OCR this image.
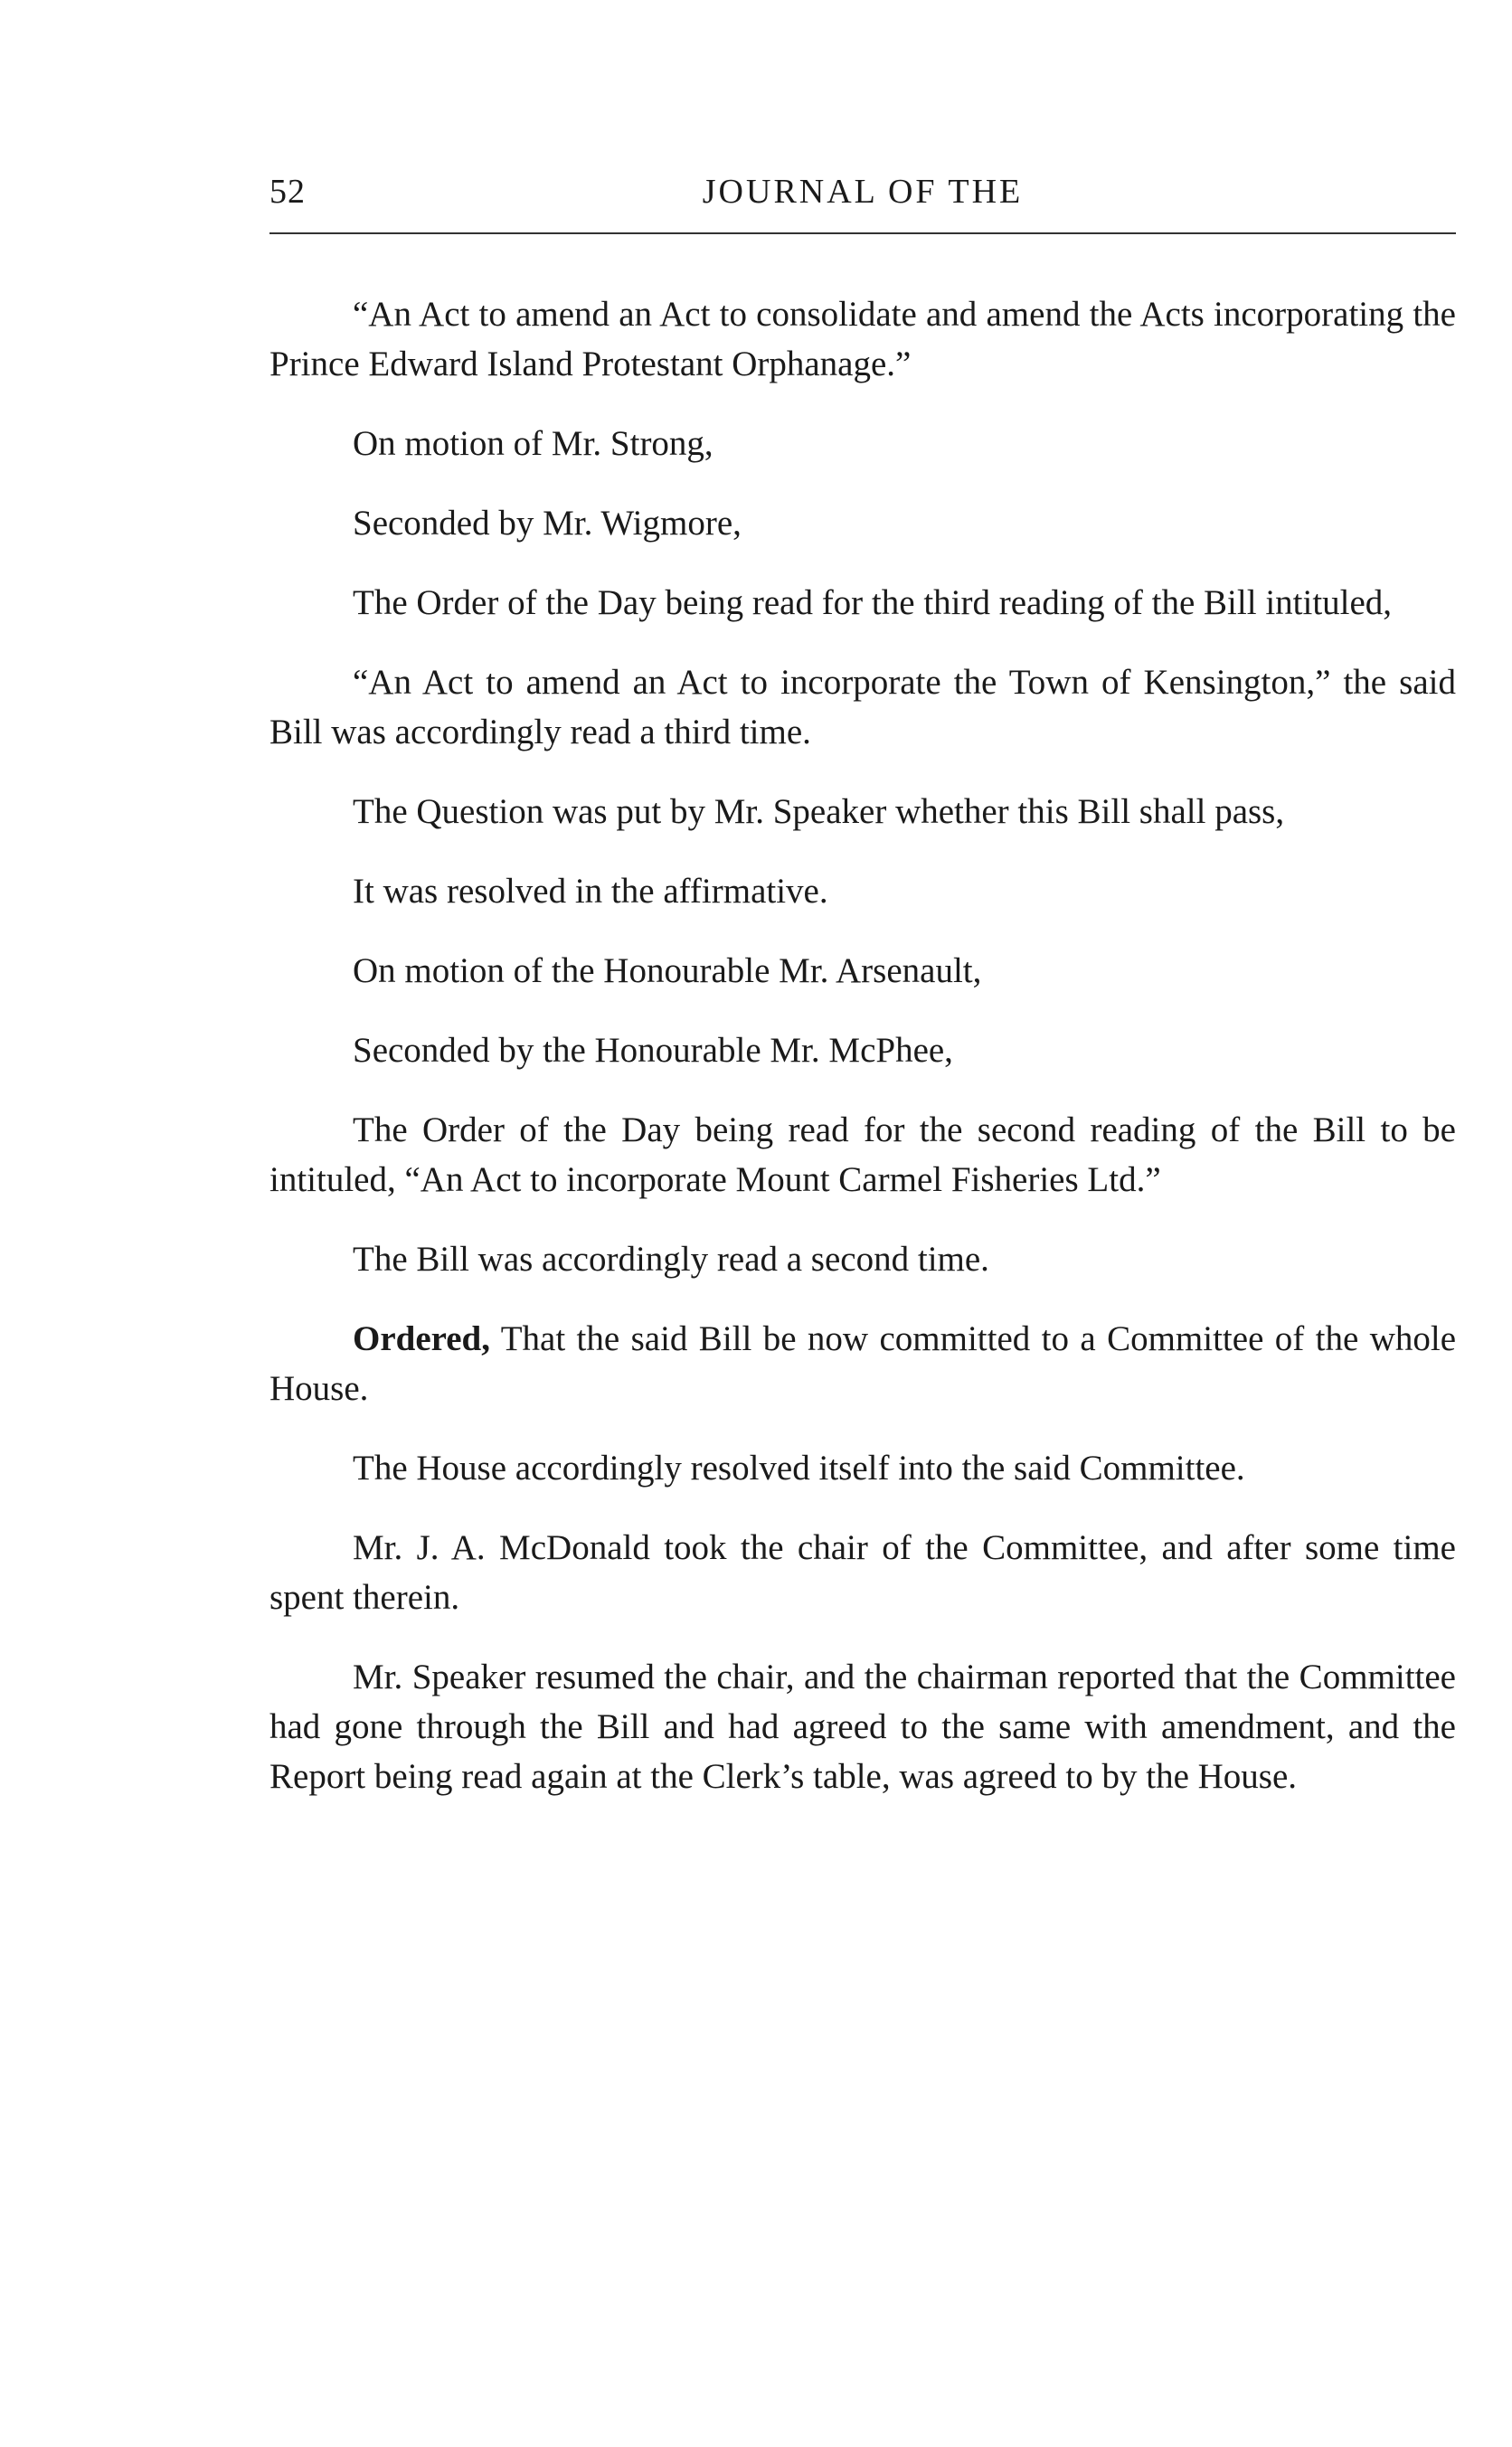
52	JOURNAL OF THE

“An Act to amend an Act to consolidate and amend the Acts incorporating the Prince Edward Island Protestant Orphanage.”

On motion of Mr. Strong,

Seconded by Mr. Wigmore,

The Order of the Day being read for the third reading of the Bill intituled,

“An Act to amend an Act to incorporate the Town of Kensington,” the said Bill was accordingly read a third time.

The Question was put by Mr. Speaker whether this Bill shall pass,

It was resolved in the affirmative.

On motion of the Honourable Mr. Arsenault,

Seconded by the Honourable Mr. McPhee,

The Order of the Day being read for the second reading of the Bill to be intituled, “An Act to incorporate Mount Carmel Fisheries Ltd.”

The Bill was accordingly read a second time.

Ordered, That the said Bill be now committed to a Committee of the whole House.

The House accordingly resolved itself into the said Committee.

Mr. J. A. McDonald took the chair of the Committee, and after some time spent therein.

Mr. Speaker resumed the chair, and the chairman reported that the Committee had gone through the Bill and had agreed to the same with amendment, and the Report being read again at the Clerk’s table, was agreed to by the House.
